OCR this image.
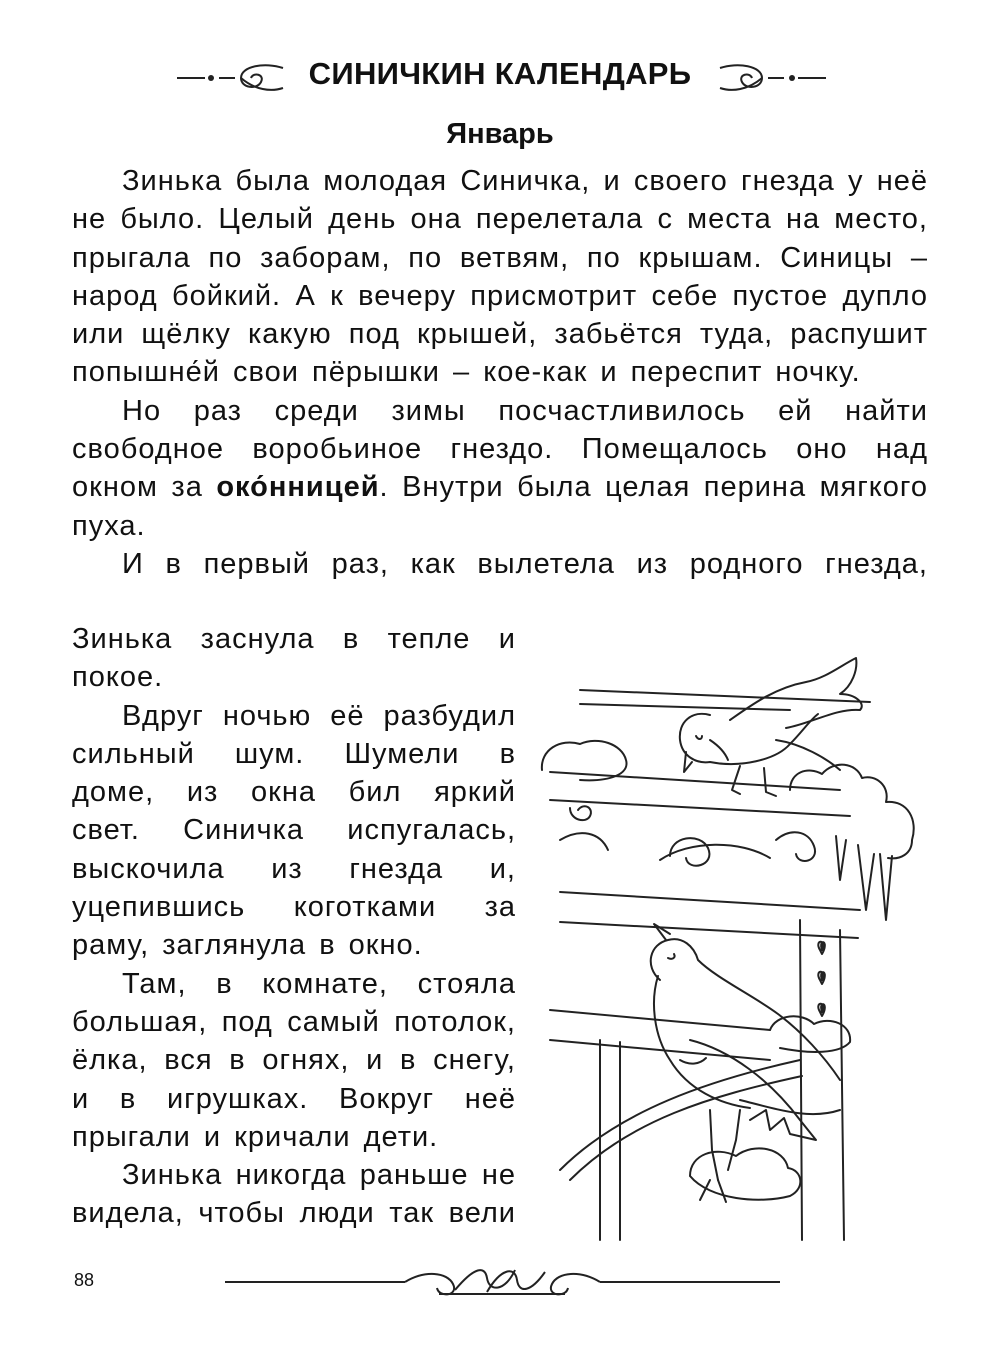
СИНИЧКИН КАЛЕНДАРЬ
Январь

Зинька была молодая Синичка, и своего гнезда у неё не было. Целый день она перелетала с места на место, прыгала по заборам, по ветвям, по крышам. Синицы – народ бойкий. А к вечеру присмотрит себе пустое дупло или щёлку какую под крышей, забьётся туда, распушит попышне́й свои пёрышки – кое-как и переспит ночку.

Но раз среди зимы посчастливилось ей найти свободное воробьиное гнездо. Помещалось оно над окном за око́нницей. Внутри была целая перина мягкого пуха.

И в первый раз, как вылетела из родного гнезда,

Зинька заснула в тепле и покое.

Вдруг ночью её разбудил сильный шум. Шумели в доме, из окна бил яркий свет. Синичка испугалась, выскочила из гнезда и, уцепившись коготками за раму, заглянула в окно.

Там, в комнате, стояла большая, под самый потолок, ёлка, вся в огнях, и в снегу, и в игрушках. Вокруг неё прыгали и кричали дети.

Зинька никогда раньше не видела, чтобы люди так вели

88
